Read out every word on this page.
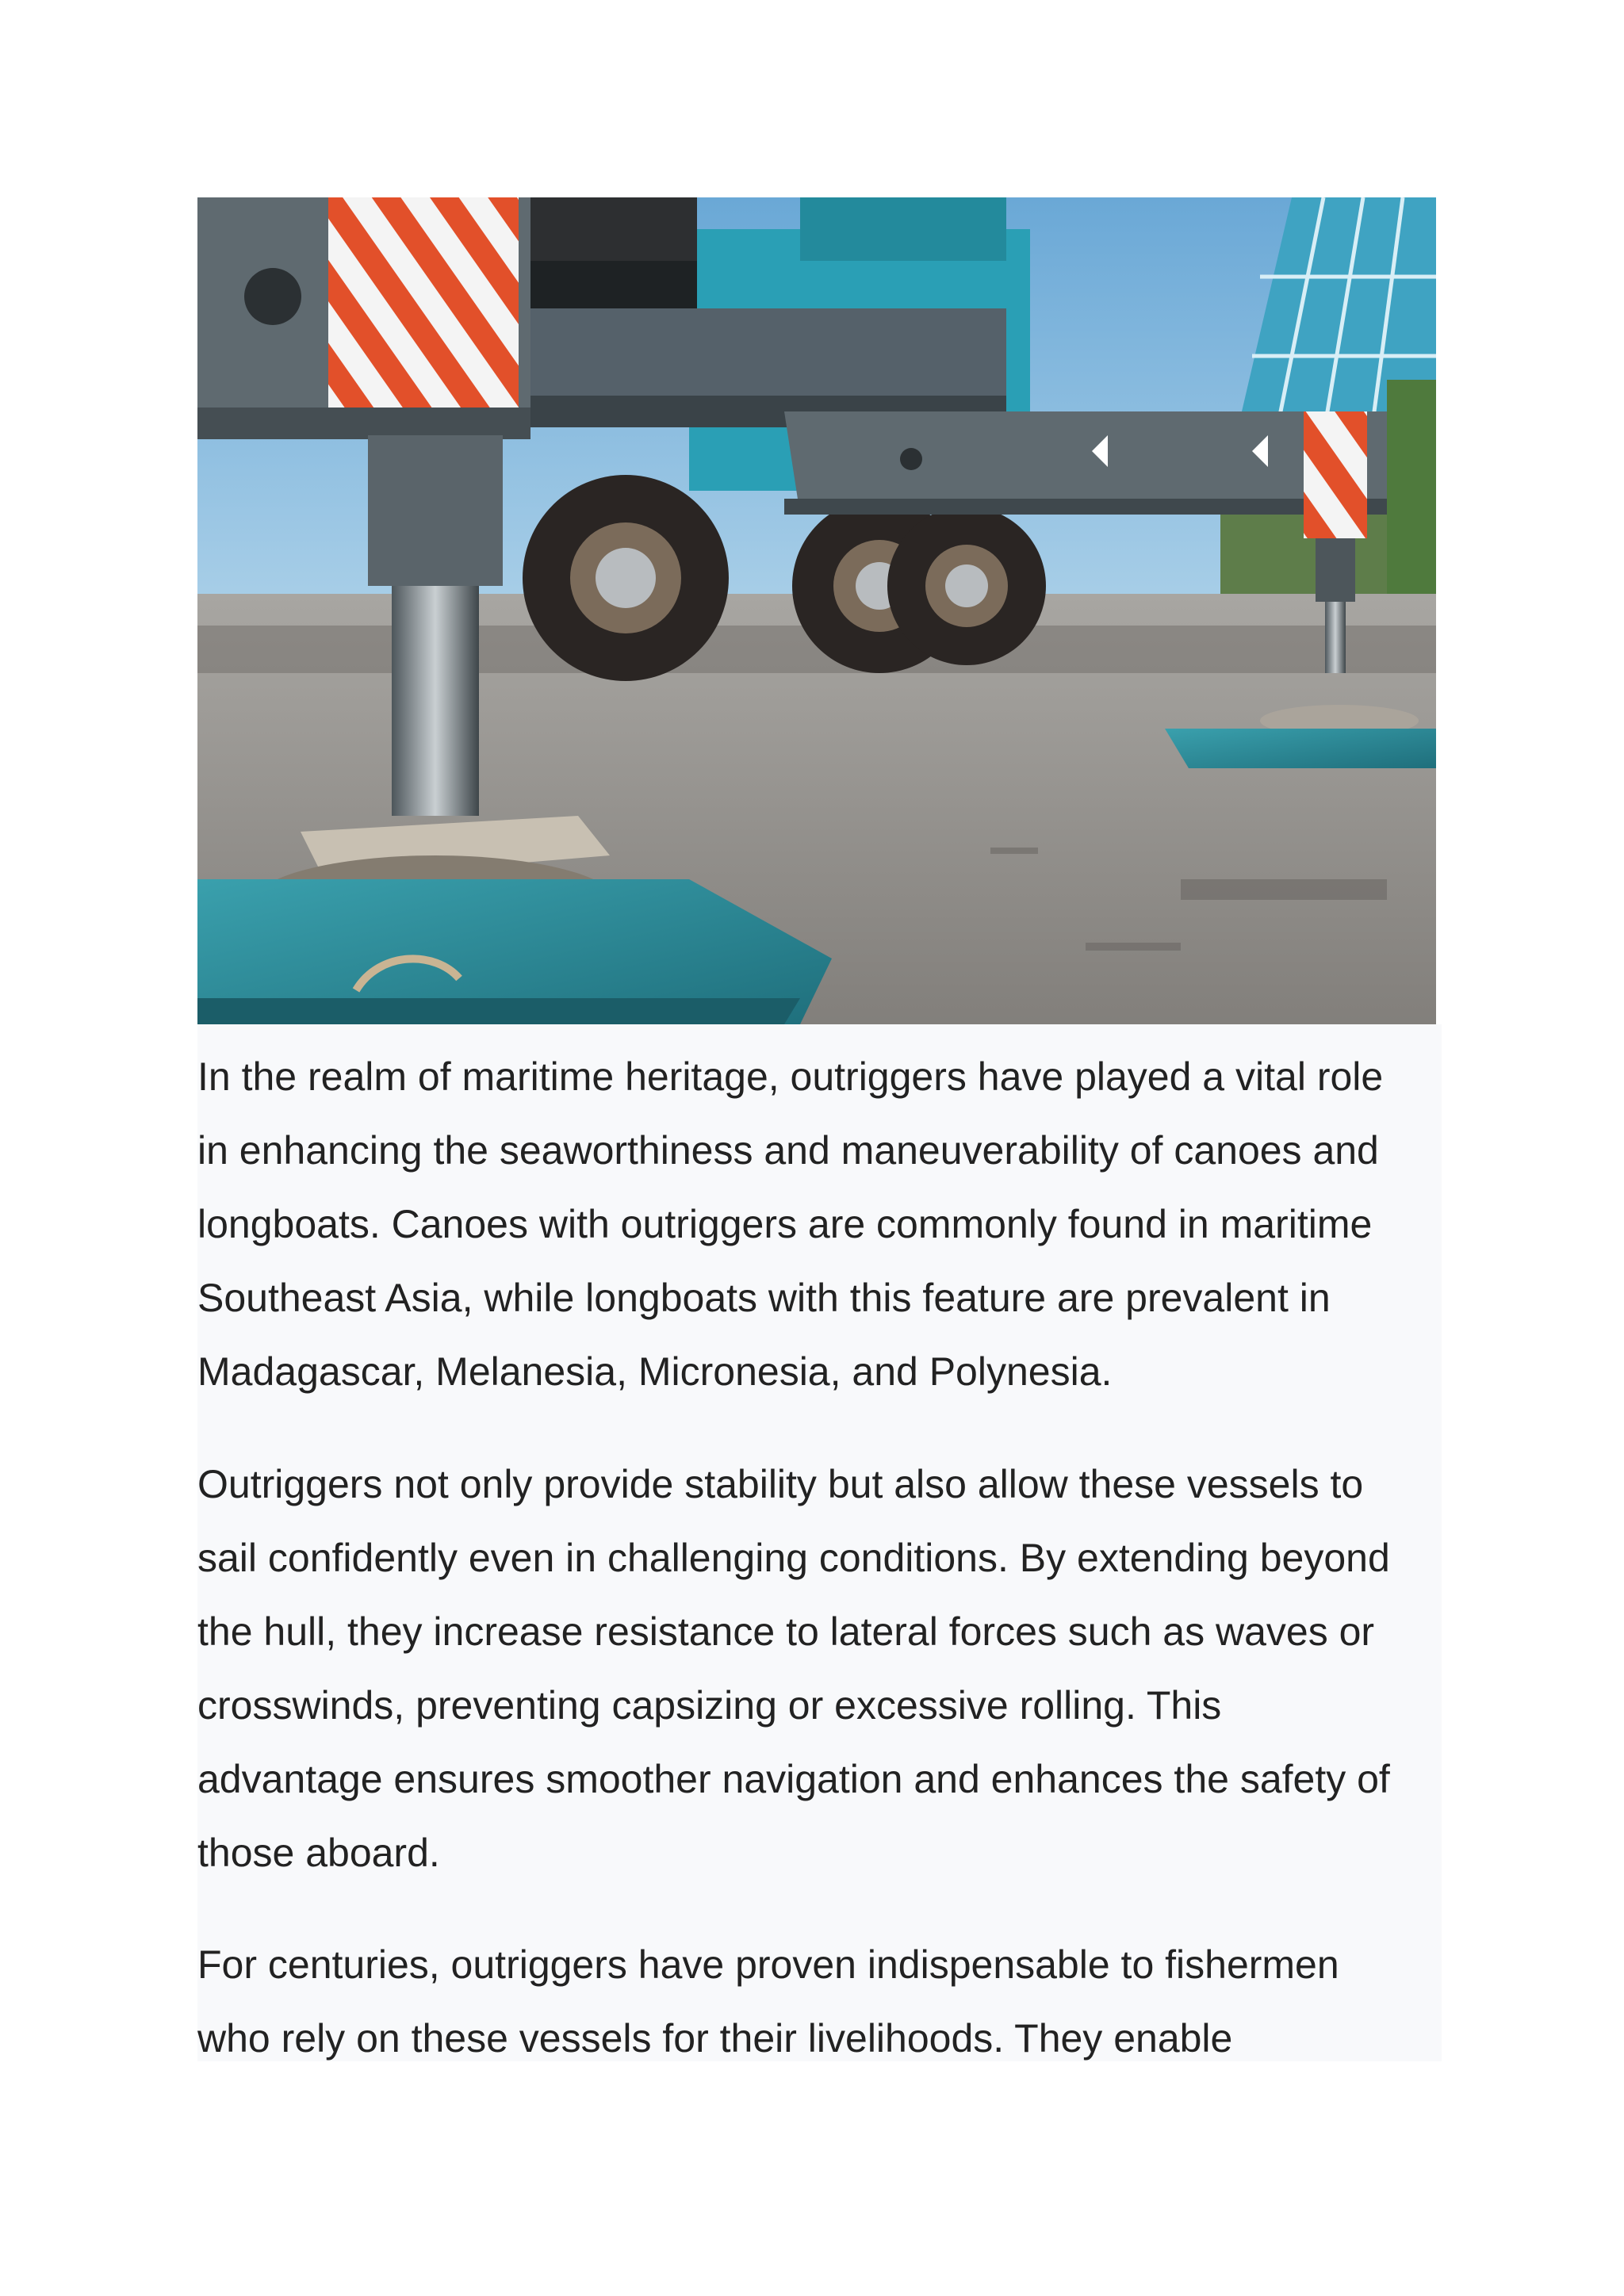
In the realm of maritime heritage, outriggers have played a vital role
in enhancing the seaworthiness and maneuverability of canoes and
longboats. Canoes with outriggers are commonly found in maritime
Southeast Asia, while longboats with this feature are prevalent in
Madagascar, Melanesia, Micronesia, and Polynesia.

Outriggers not only provide stability but also allow these vessels to
sail confidently even in challenging conditions. By extending beyond
the hull, they increase resistance to lateral forces such as waves or
crosswinds, preventing capsizing or excessive rolling. This
advantage ensures smoother navigation and enhances the safety of
those aboard.

For centuries, outriggers have proven indispensable to fishermen
who rely on these vessels for their livelihoods. They enable
